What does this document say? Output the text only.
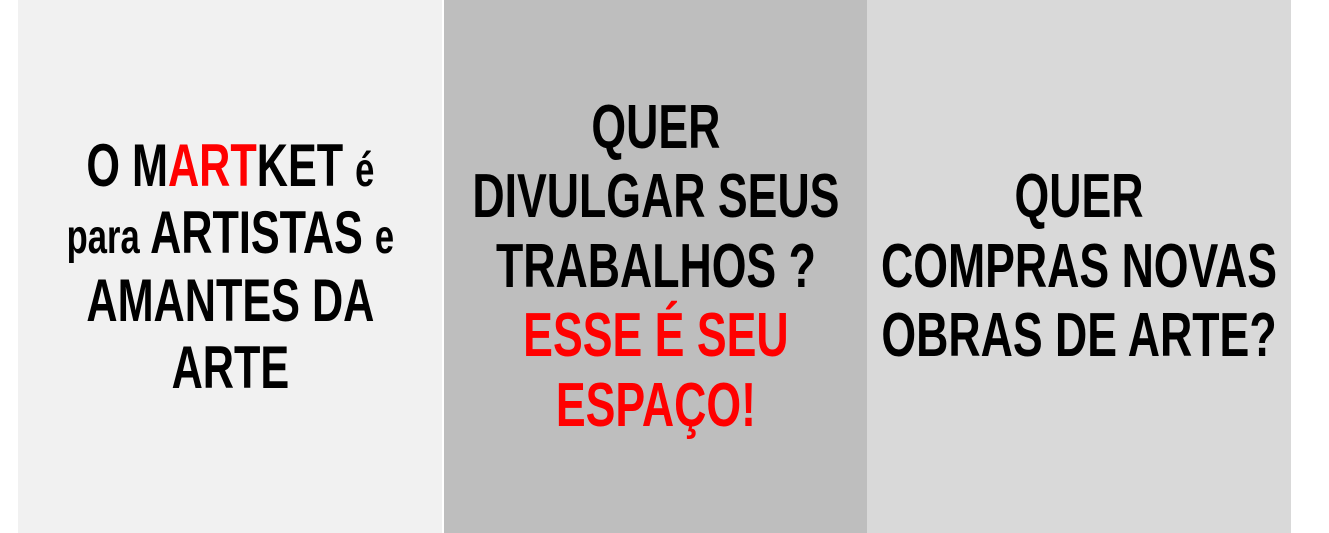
O MARTKET é
para ARTISTAS e
AMANTES DA
ARTE
QUER
DIVULGAR SEUS
TRABALHOS ?
ESSE É SEU
ESPAÇO!
QUER
COMPRAS NOVAS
OBRAS DE ARTE?
